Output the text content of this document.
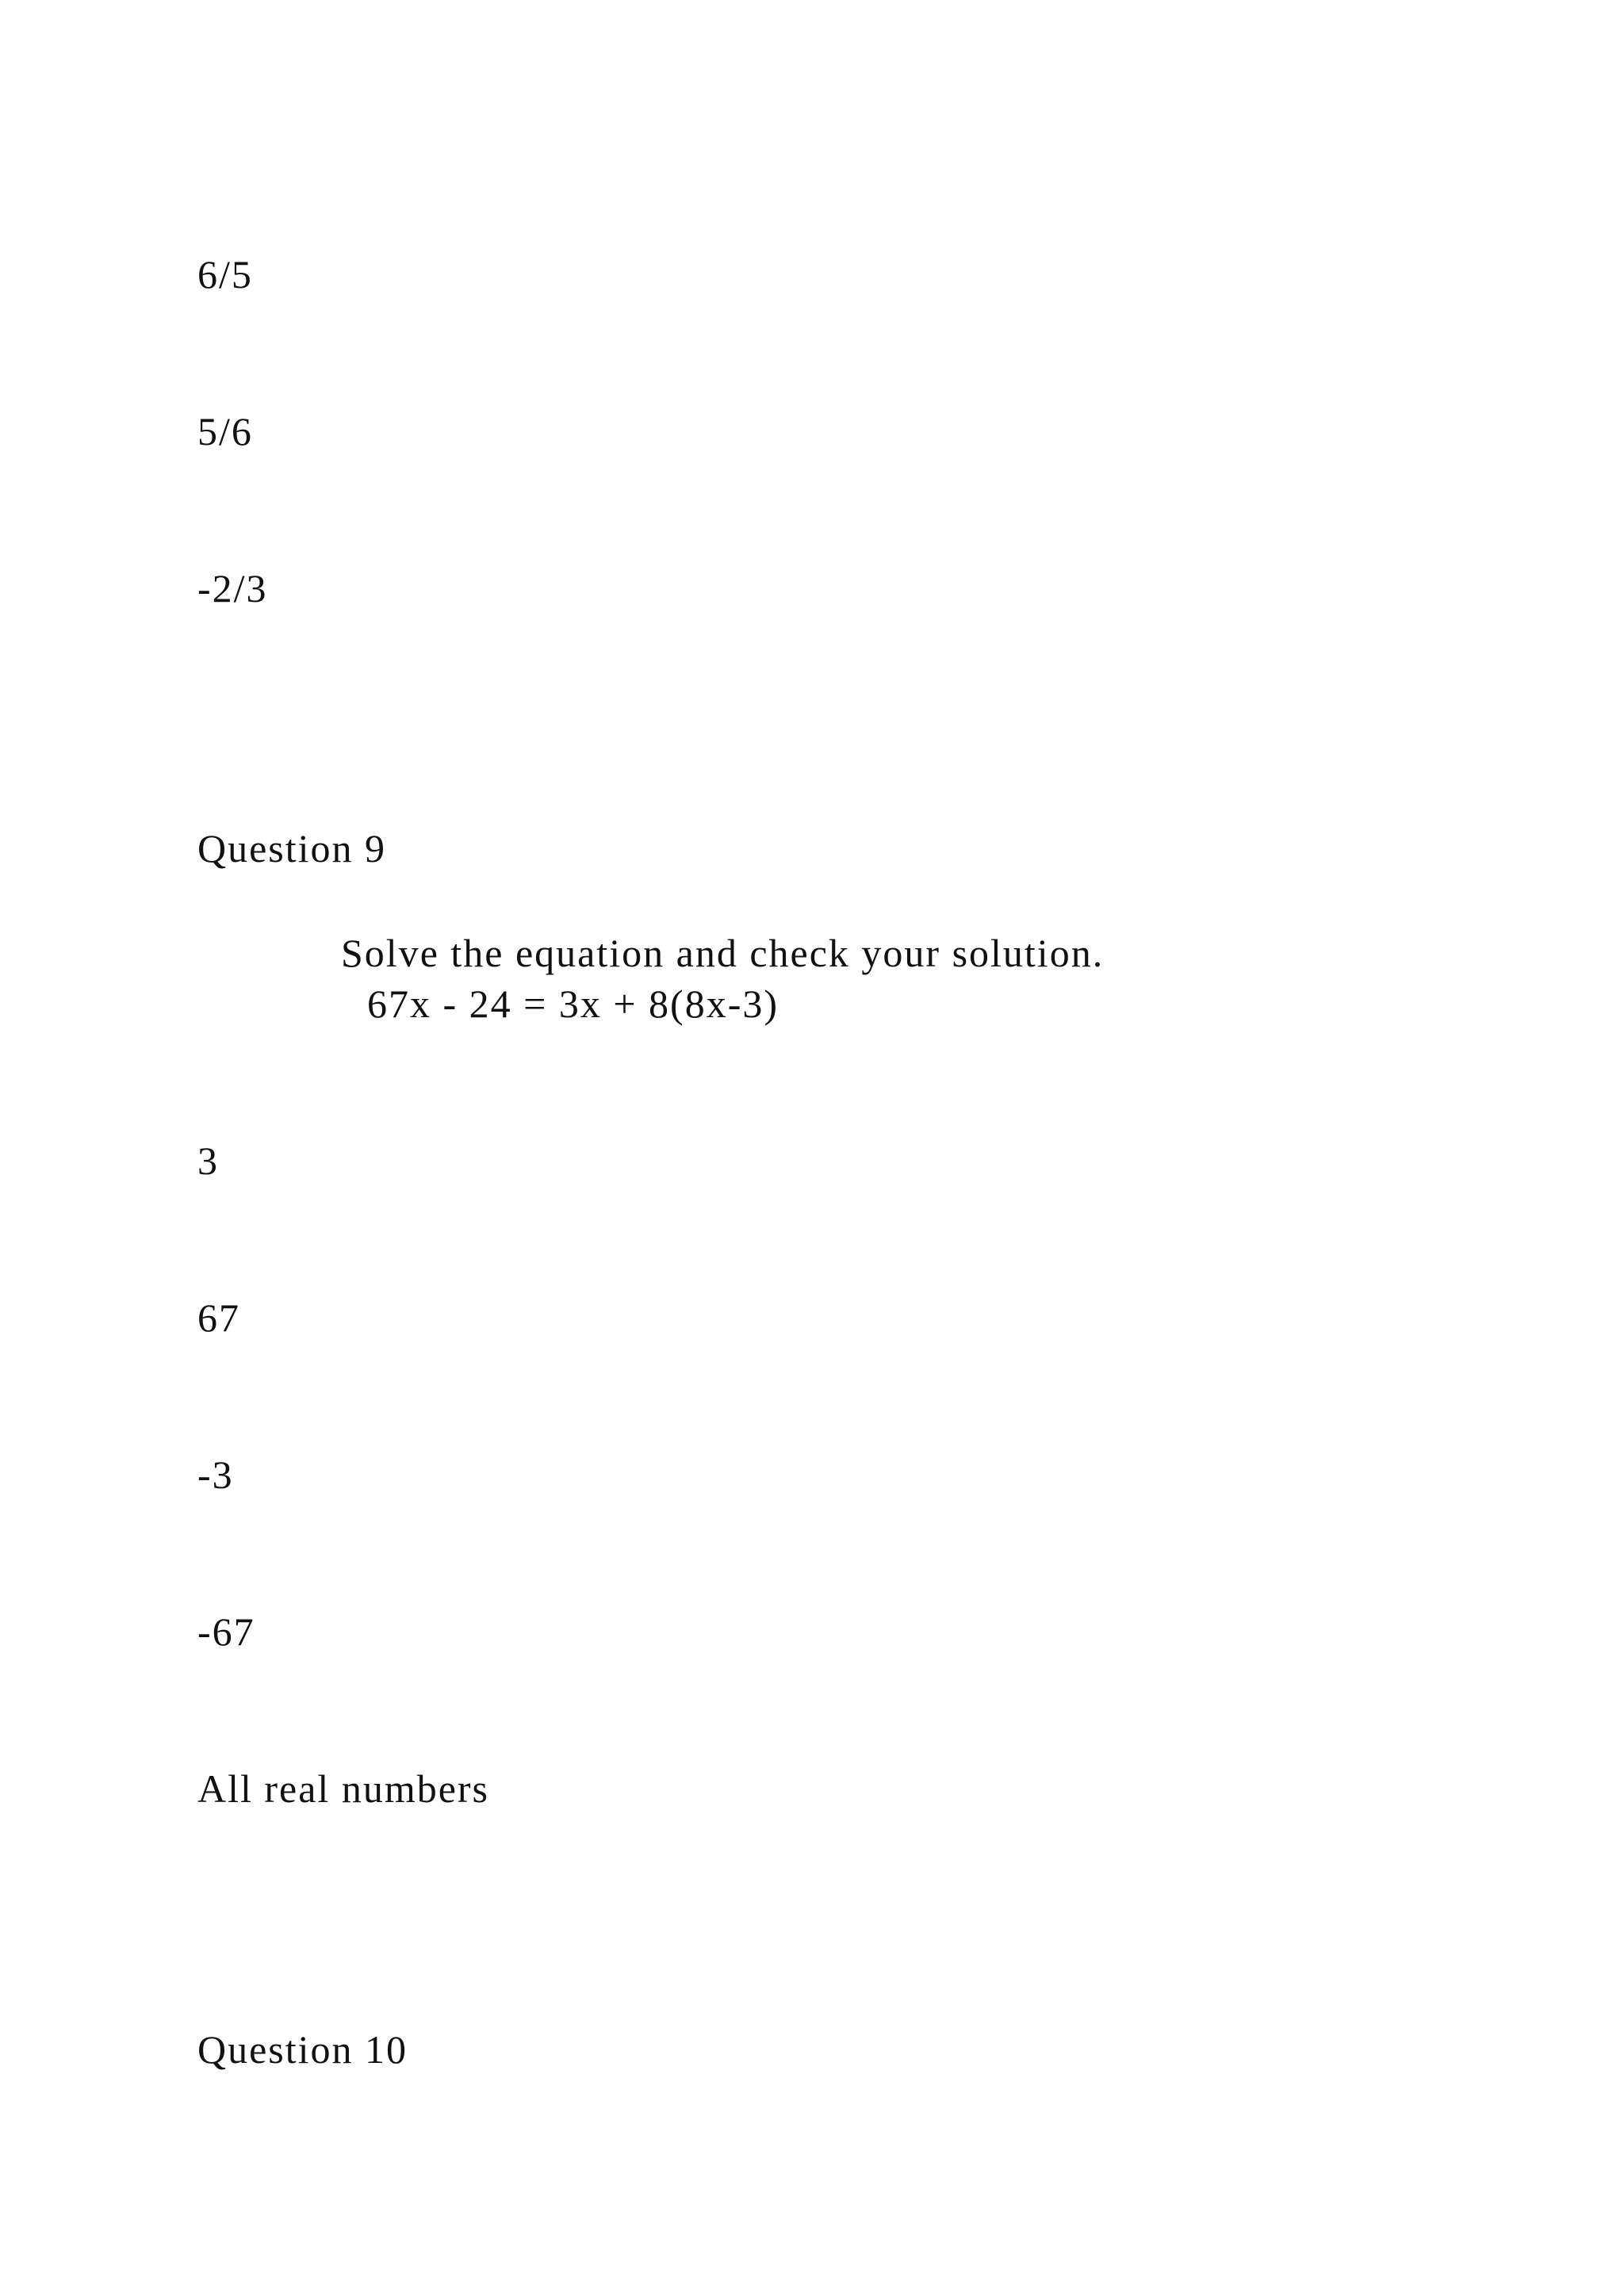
6/5
5/6
-2/3
Question 9
Solve the equation and check your solution.
67x - 24 = 3x + 8(8x-3)
3
67
-3
-67
All real numbers
Question 10
